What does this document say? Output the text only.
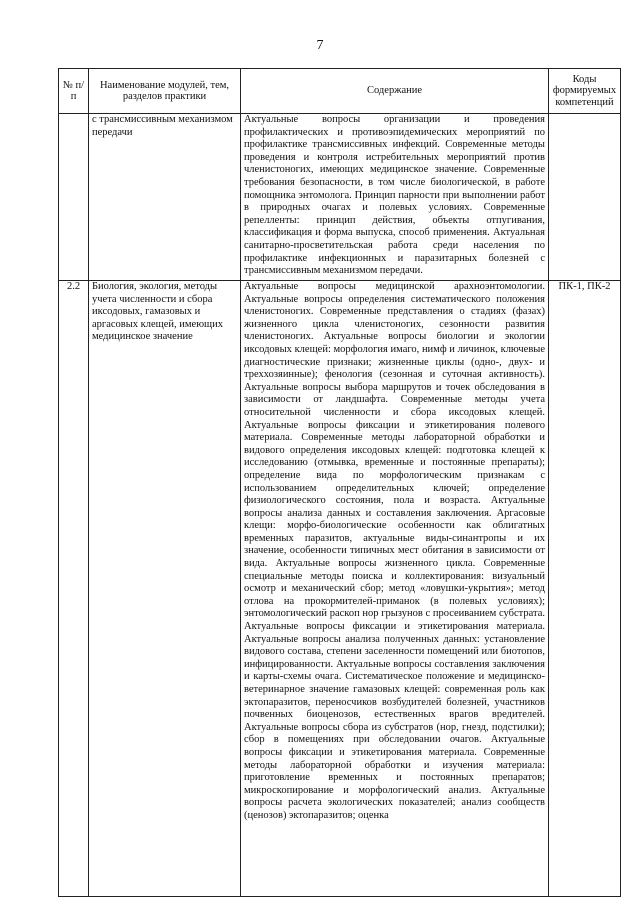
7
№ п/п	Наименование модулей, тем, разделов практики	Содержание	Коды формируемых компетенций
	с трансмиссивным механизмом передачи	Актуальные вопросы организации и проведения профилактических и противоэпидемических мероприятий по профилактике трансмиссивных инфекций. Современные методы проведения и контроля истребительных мероприятий против членистоногих, имеющих медицинское значение. Современные требования безопасности, в том числе биологической, в работе помощника энтомолога. Принцип парности при выполнении работ в природных очагах и полевых условиях. Современные репелленты: принцип действия, объекты отпугивания, классификация и форма выпуска, способ применения. Актуальная санитарно-просветительская работа среди населения по профилактике инфекционных и паразитарных болезней с трансмиссивным механизмом передачи.	
2.2	Биология, экология, методы учета численности и сбора иксодовых, гамазовых и аргасовых клещей, имеющих медицинское значение	Актуальные вопросы медицинской арахноэнтомологии. Актуальные вопросы определения систематического положения членистоногих. Современные представления о стадиях (фазах) жизненного цикла членистоногих, сезонности развития членистоногих. Актуальные вопросы биологии и экологии иксодовых клещей: морфология имаго, нимф и личинок, ключевые диагностические признаки; жизненные циклы (одно-, двух- и треххозяинные); фенология (сезонная и суточная активность). Актуальные вопросы выбора маршрутов и точек обследования в зависимости от ландшафта. Современные методы учета относительной численности и сбора иксодовых клещей. Актуальные вопросы фиксации и этикетирования полевого материала. Современные методы лабораторной обработки и видового определения иксодовых клещей: подготовка клещей к исследованию (отмывка, временные и постоянные препараты); определение вида по морфологическим признакам с использованием определительных ключей; определение физиологического состояния, пола и возраста. Актуальные вопросы анализа данных и составления заключения. Аргасовые клещи: морфо-биологические особенности как облигатных временных паразитов, актуальные виды-синантропы и их значение, особенности типичных мест обитания в зависимости от вида. Актуальные вопросы жизненного цикла. Современные специальные методы поиска и коллектирования: визуальный осмотр и механический сбор; метод «ловушки-укрытия»; метод отлова на прокормителей-приманок (в полевых условиях); энтомологический раскоп нор грызунов с просеиванием субстрата. Актуальные вопросы фиксации и этикетирования материала. Актуальные вопросы анализа полученных данных: установление видового состава, степени заселенности помещений или биотопов, инфицированности. Актуальные вопросы составления заключения и карты-схемы очага. Систематическое положение и медицинско-ветеринарное значение гамазовых клещей: современная роль как эктопаразитов, переносчиков возбудителей болезней, участников почвенных биоценозов, естественных врагов вредителей. Актуальные вопросы сбора из субстратов (нор, гнезд, подстилки); сбор в помещениях при обследовании очагов. Актуальные вопросы фиксации и этикетирования материала. Современные методы лабораторной обработки и изучения материала: приготовление временных и постоянных препаратов; микроскопирование и морфологический анализ. Актуальные вопросы расчета экологических показателей; анализ сообществ (ценозов) эктопаразитов; оценка	ПК-1, ПК-2
